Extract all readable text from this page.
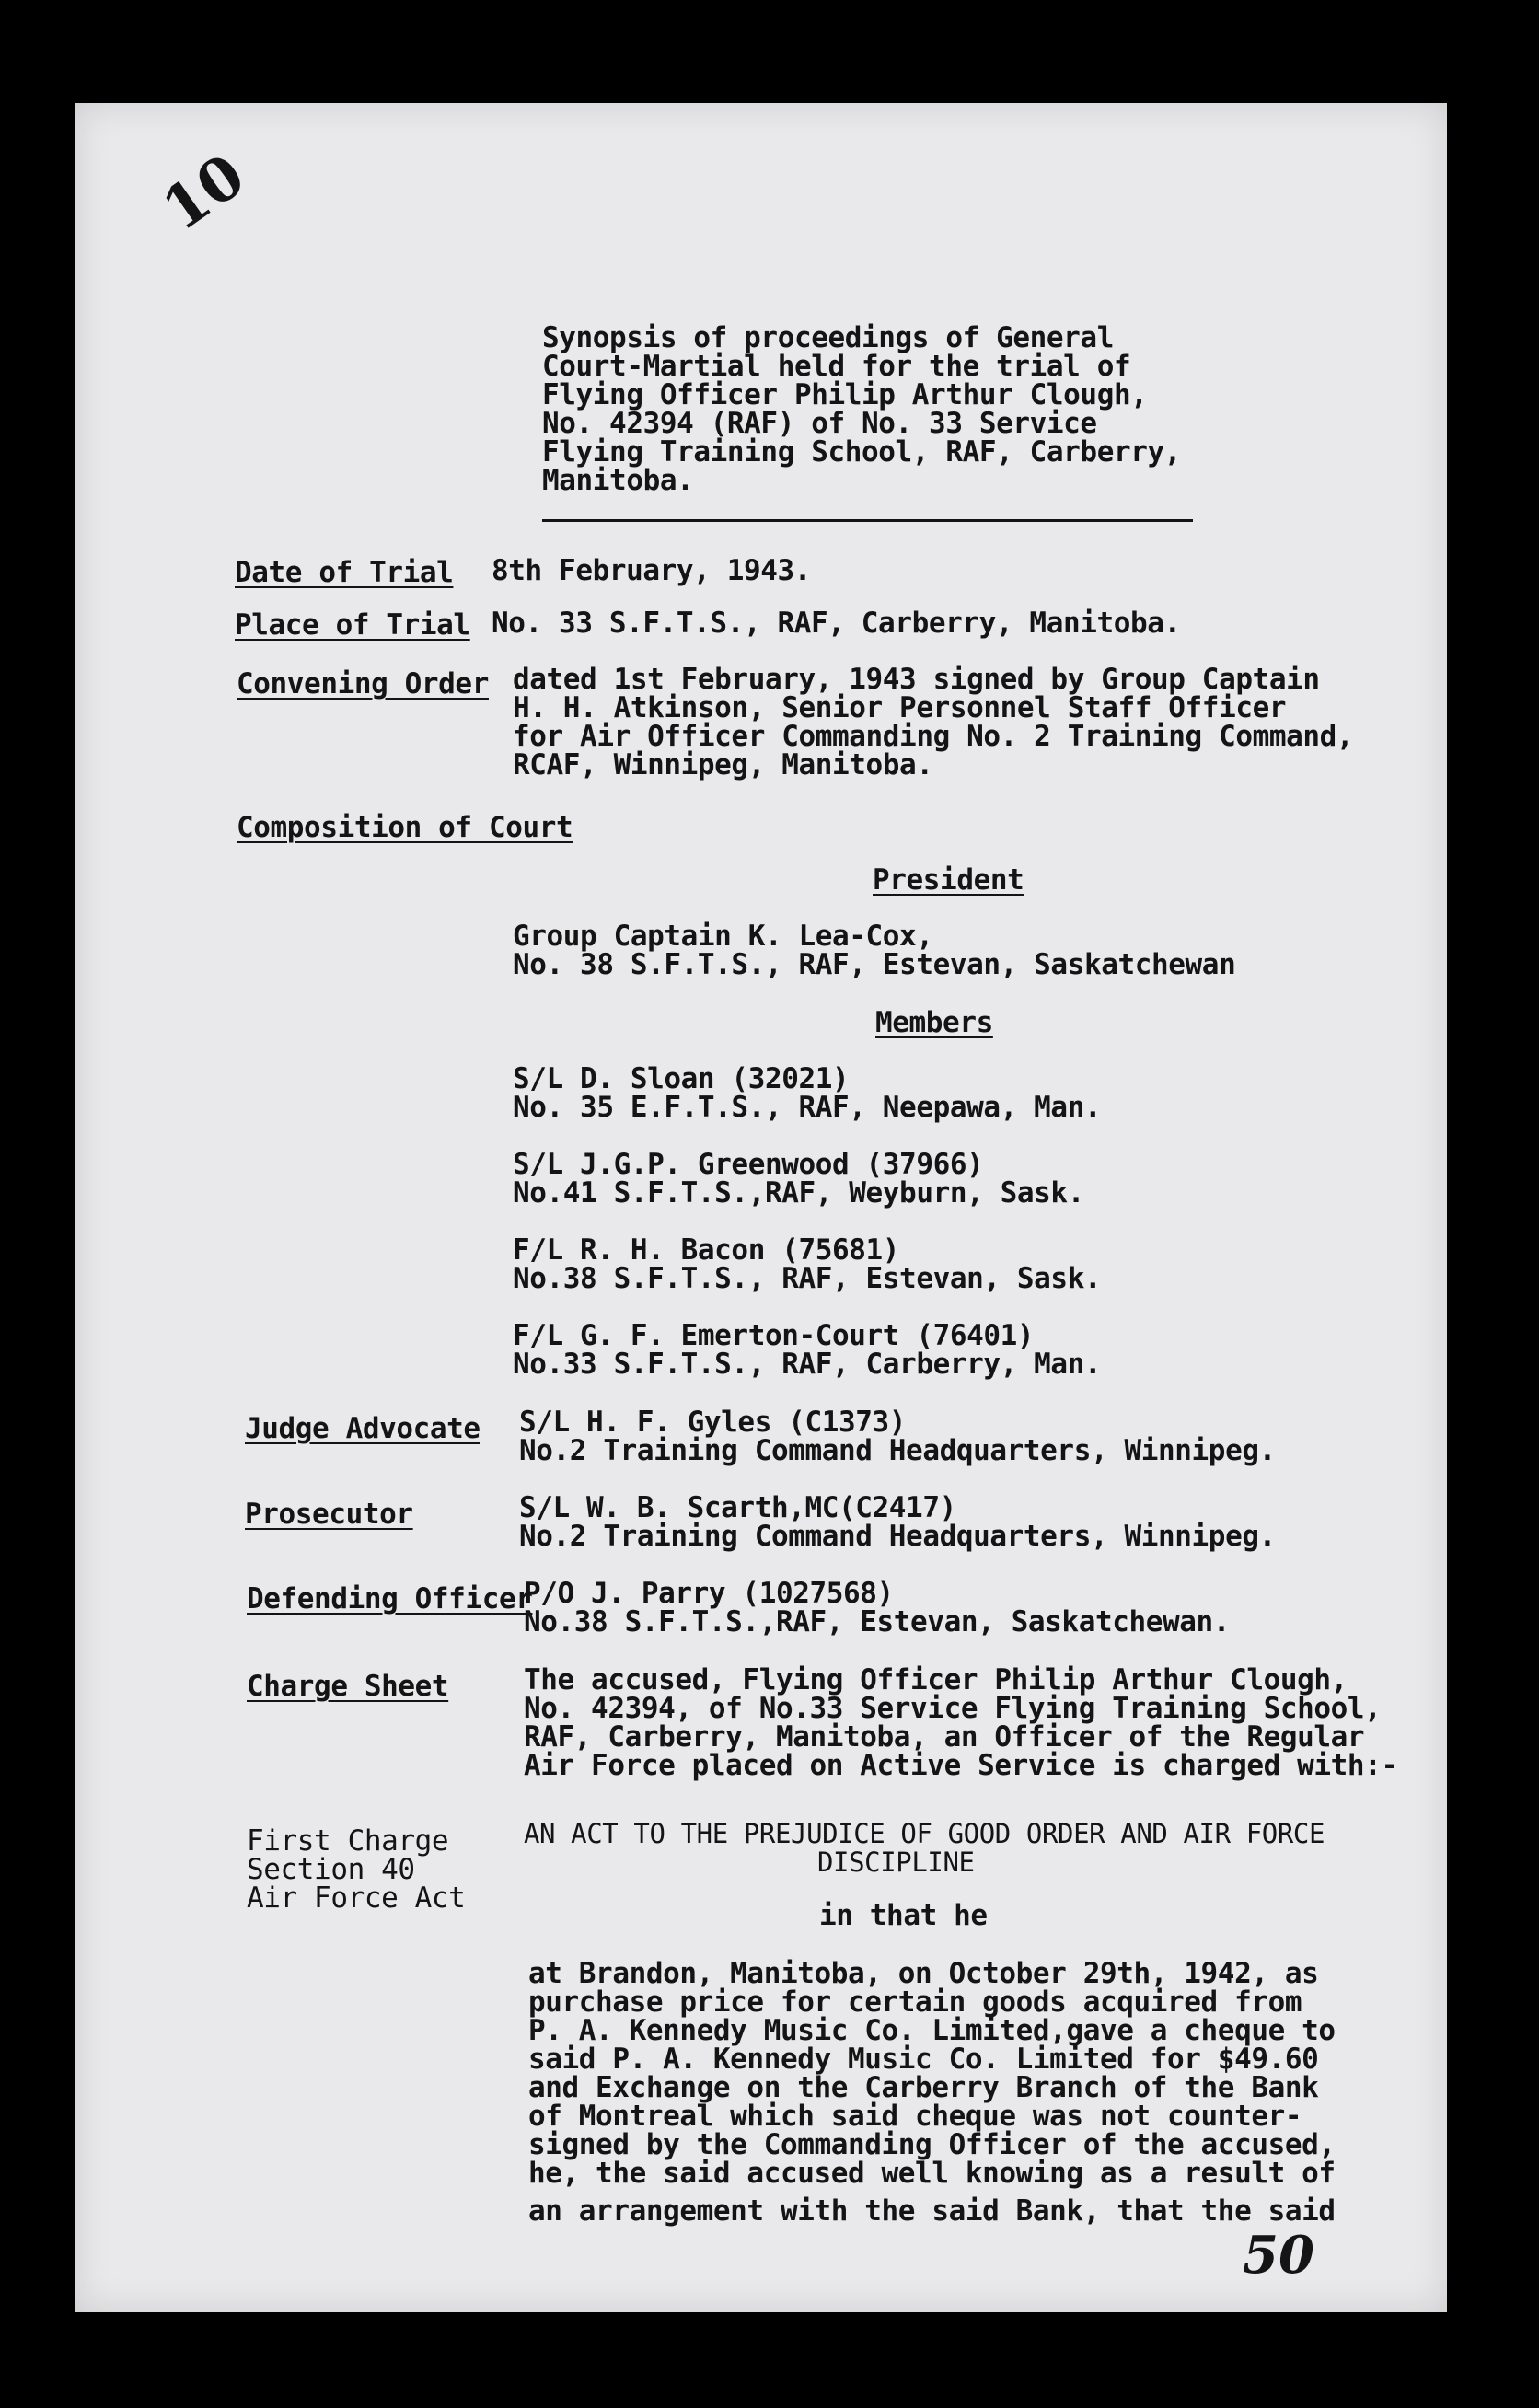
10
Synopsis of proceedings of General
Court-Martial held for the trial of
Flying Officer Philip Arthur Clough,
No. 42394 (RAF) of No. 33 Service
Flying Training School, RAF, Carberry,
Manitoba.
Date of Trial 8th February, 1943.
Place of Trial No. 33 S.F.T.S., RAF, Carberry, Manitoba.
Convening Order dated 1st February, 1943 signed by Group Captain
H. H. Atkinson, Senior Personnel Staff Officer
for Air Officer Commanding No. 2 Training Command,
RCAF, Winnipeg, Manitoba.
Composition of Court
President
Group Captain K. Lea-Cox,
No. 38 S.F.T.S., RAF, Estevan, Saskatchewan
Members
S/L D. Sloan (32021)
No. 35 E.F.T.S., RAF, Neepawa, Man.
S/L J.G.P. Greenwood (37966)
No.41 S.F.T.S.,RAF, Weyburn, Sask.
F/L R. H. Bacon (75681)
No.38 S.F.T.S., RAF, Estevan, Sask.
F/L G. F. Emerton-Court (76401)
No.33 S.F.T.S., RAF, Carberry, Man.
Judge Advocate S/L H. F. Gyles (C1373)
No.2 Training Command Headquarters, Winnipeg.
Prosecutor	S/L W. B. Scarth,MC(C2417)
No.2 Training Command Headquarters, Winnipeg.
Defending Officer
P/O J. Parry (1027568)
No.38 S.F.T.S.,RAF, Estevan, Saskatchewan.
Charge Sheet	The accused, Flying Officer Philip Arthur Clough,
No. 42394, of No.33 Service Flying Training School,
RAF, Carberry, Manitoba, an Officer of the Regular
Air Force placed on Active Service is charged with:-
First Charge
Section 40
Air Force Act
AN ACT TO THE PREJUDICE OF GOOD ORDER AND AIR FORCE
DISCIPLINE
in that he
at Brandon, Manitoba, on October 29th, 1942, as
purchase price for certain goods acquired from
P. A. Kennedy Music Co. Limited,gave a cheque to
said P. A. Kennedy Music Co. Limited for $49.60
and Exchange on the Carberry Branch of the Bank
of Montreal which said cheque was not counter-
signed by the Commanding Officer of the accused,
he, the said accused well knowing as a result of
an arrangement with the said Bank, that the said
50
